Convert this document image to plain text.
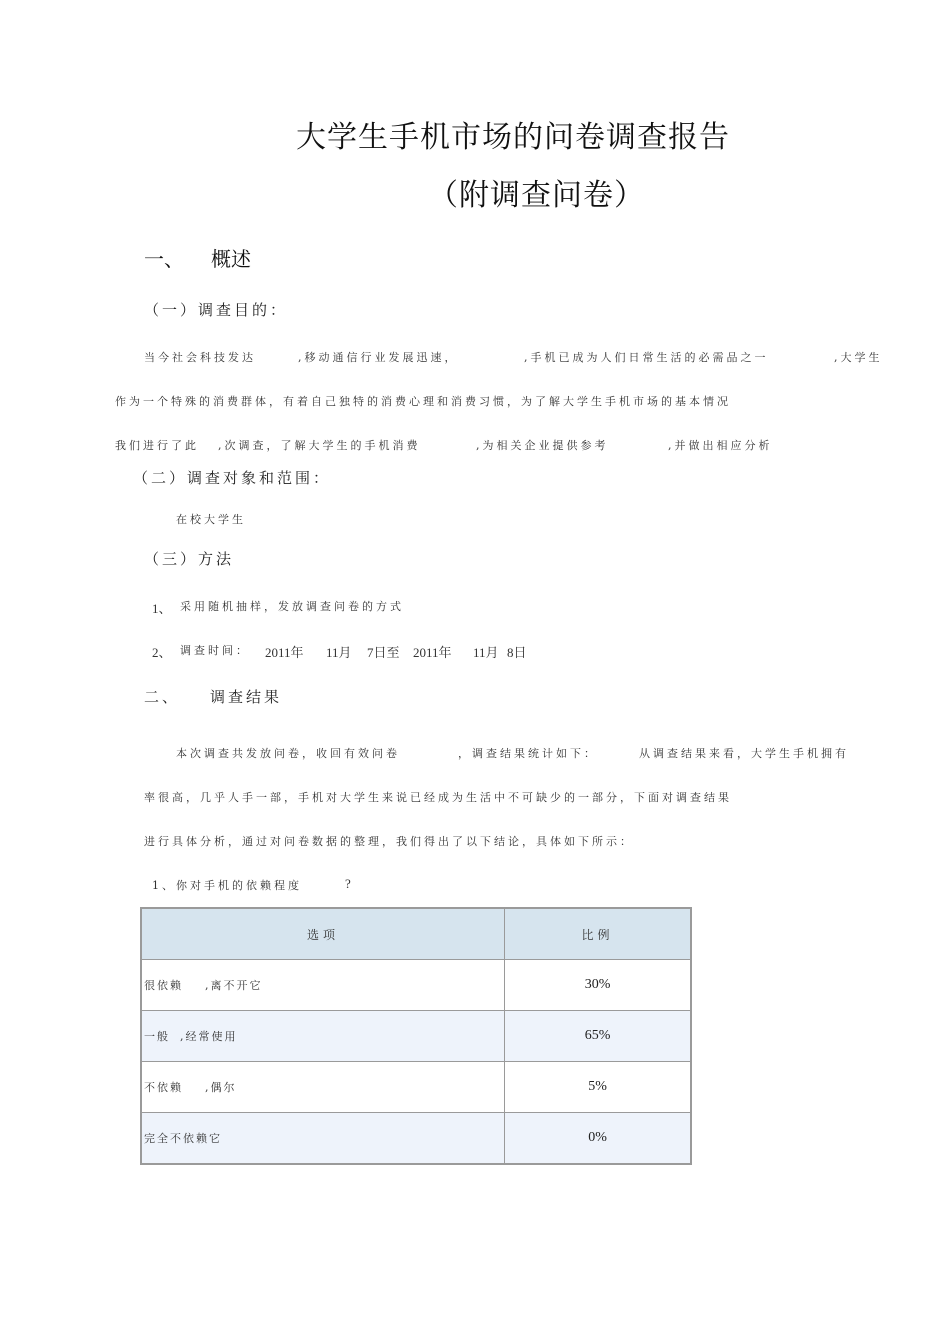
大学生手机市场的问卷调查报告
（附调查问卷）
一、 概述
（一）调查目的：
当今社会科技发达	,移动通信行业发展迅速，	,手机已成为人们日常生活的必需品之一	,大学生
作为一个特殊的消费群体，有着自己独特的消费心理和消费习惯，为了解大学生手机市场的基本情况
我们进行了此 ,次调查，了解大学生的手机消费	,为相关企业提供参考	,并做出相应分析
（二）调查对象和范围：
在校大学生
（三）方法
1、 采用随机抽样，发放调查问卷的方式
2、 调查时间： 2011年 11月 7日至 2011年 11月 8日
二、 调查结果
本次调查共发放问卷，收回有效问卷	，调查结果统计如下：	从调查结果来看，大学生手机拥有
率很高，几乎人手一部，手机对大学生来说已经成为生活中不可缺少的一部分，下面对调查结果
进行具体分析，通过对问卷数据的整理，我们得出了以下结论，具体如下所示：
1、你对手机的依赖程度	?
选项	比例
很依赖 ,离不开它	30%
一般 ,经常使用	65%
不依赖 ,偶尔	5%
完全不依赖它	0%
